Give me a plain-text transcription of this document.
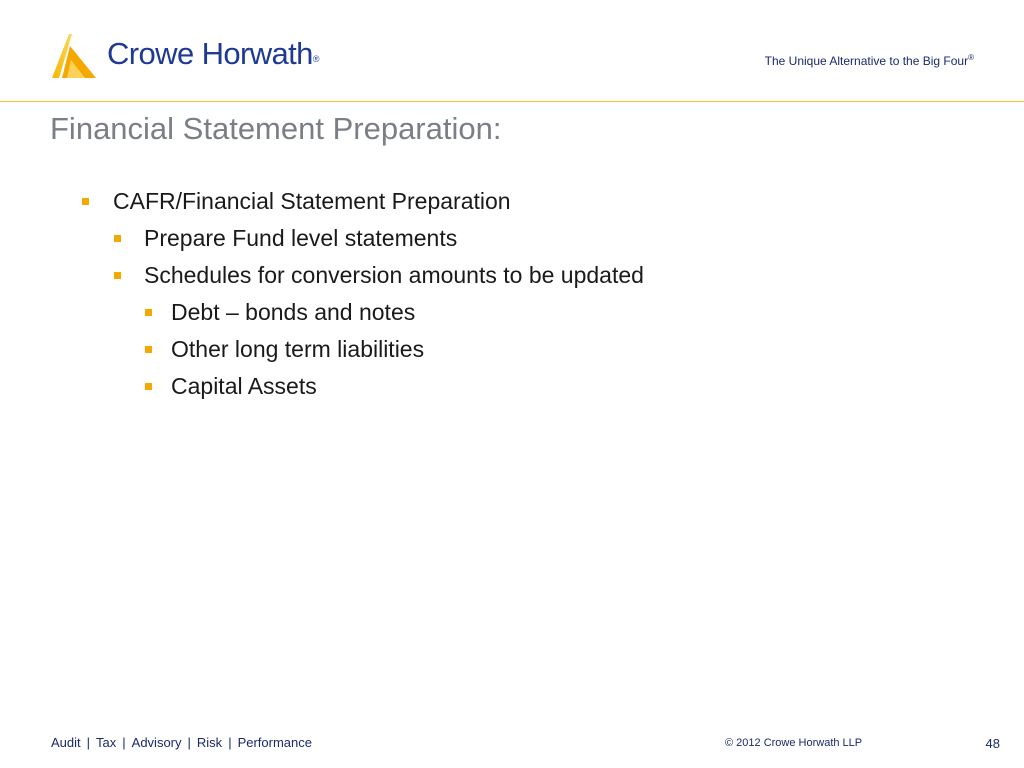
Crowe Horwath®	The Unique Alternative to the Big Four®
Financial Statement Preparation:
CAFR/Financial Statement Preparation
Prepare Fund level statements
Schedules for conversion amounts to be updated
Debt – bonds and notes
Other long term liabilities
Capital Assets
Audit | Tax | Advisory | Risk | Performance	© 2012 Crowe Horwath LLP	48
